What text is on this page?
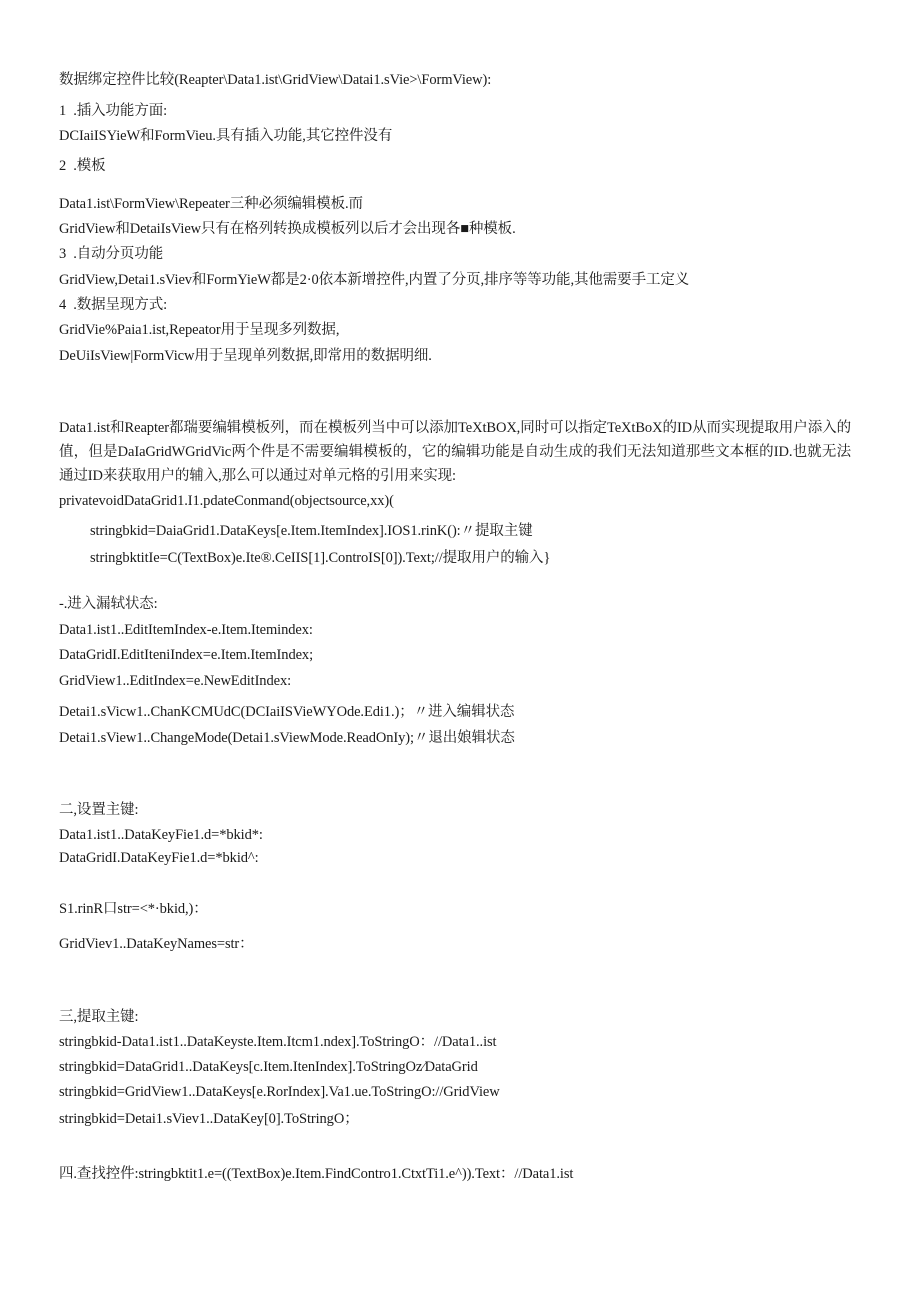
数据绑定控件比较(Reapter\Data1.ist\GridView\Datai1.sVie>\FormView):
1  .插入功能方面:
DCIaiISYieW和FormVieu.具有插入功能,其它控件没有
2  .模板
Data1.ist\FormView\Repeater三种必须编辑模板.而
GridView和DetaiIsView只有在格列转换成模板列以后才会出现各■种模板.
3  .自动分页功能
GridView,Detai1.sViev和FormYieW都是2·0依本新增控件,内置了分页,排序等等功能,其他需要手工定义
4  .数据呈现方式:
GridVie%Paia1.ist,Repeator用于呈现多列数据,
DeUiIsView|FormVicw用于呈现单列数据,即常用的数据明细.
Data1.ist和Reapter都瑞要编辑模板列，而在模板列当中可以添加TeXtBOX,同时可以指定TeXtBoX的ID从而实现提取用户添入的值，但是DaIaGridWGridVic两个件是不需要编辑模板的，它的编辑功能是自动生成的我们无法知道那些文本框的ID.也就无法通过ID来获取用户的辅入,那么可以通过对单元格的引用来实现:
privatevoidDataGrid1.I1.pdateConmand(objectsource,xx)(
stringbkid=DaiaGrid1.DataKeys[e.Item.ItemIndex].IOS1.rinK():〃提取主键
stringbktitIe=C(TextBox)e.Ite®.CeIIS[1].ControIS[0]).Text;//提取用户的输入}
-.进入漏轼状态:
Data1.ist1..EditItemIndex-e.Item.Itemindex:
DataGridI.EditIteniIndex=e.Item.ItemIndex;
GridView1..EditIndex=e.NewEditIndex:
Detai1.sVicw1..ChanKCMUdC(DCIaiISVieWYOde.Edi1.)；〃进入编辑状态
Detai1.sView1..ChangeMode(Detai1.sViewMode.ReadOnIy);〃退出娘辑状态
二,设置主键:
Data1.ist1..DataKeyFie1.d=*bkid*:
DataGridI.DataKeyFie1.d=*bkid^:
S1.rinR口str=<*·bkid,)：
GridViev1..DataKeyNames=str：
三,提取主键:
stringbkid-Data1.ist1..DataKeyste.Item.Itcm1.ndex].ToStringO：//Data1..ist
stringbkid=DataGrid1..DataKeys[c.Item.ItenIndex].ToStringOz∕DataGrid
stringbkid=GridView1..DataKeys[e.RorIndex].Va1.ue.ToStringO://GridView
stringbkid=Detai1.sViev1..DataKey[0].ToStringO；
四.查找控件:stringbktit1.e=((TextBox)e.Item.FindContro1.CtxtTi1.e^)).Text：//Data1.ist
